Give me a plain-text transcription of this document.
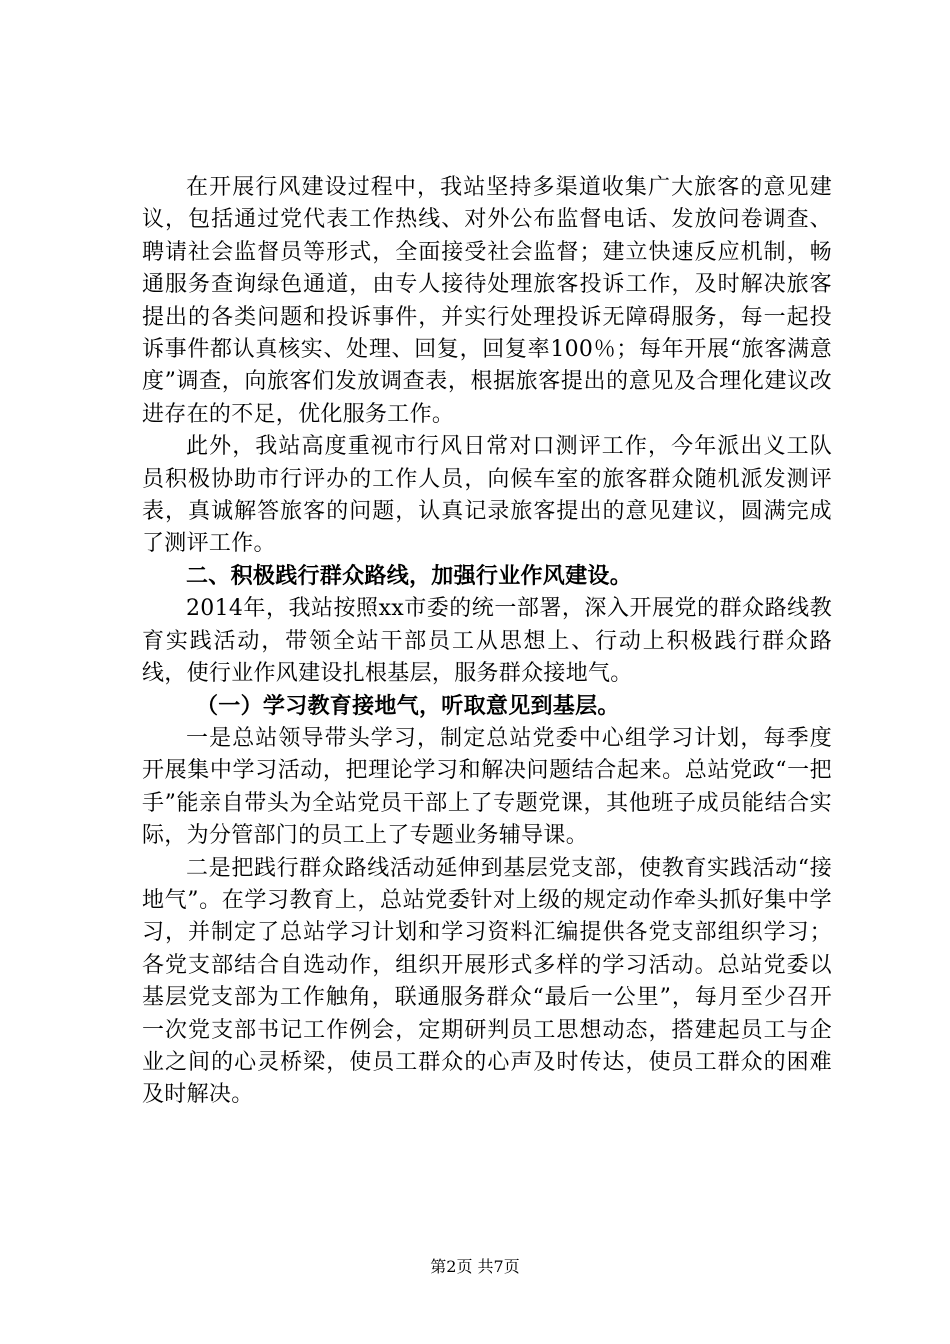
在开展行风建设过程中，我站坚持多渠道收集广大旅客的意见建议，包括通过党代表工作热线、对外公布监督电话、发放问卷调查、聘请社会监督员等形式，全面接受社会监督；建立快速反应机制，畅通服务查询绿色通道，由专人接待处理旅客投诉工作，及时解决旅客提出的各类问题和投诉事件，并实行处理投诉无障碍服务，每一起投诉事件都认真核实、处理、回复，回复率100％；每年开展“旅客满意度”调查，向旅客们发放调查表，根据旅客提出的意见及合理化建议改进存在的不足，优化服务工作。

此外，我站高度重视市行风日常对口测评工作，今年派出义工队员积极协助市行评办的工作人员，向候车室的旅客群众随机派发测评表，真诚解答旅客的问题，认真记录旅客提出的意见建议，圆满完成了测评工作。

二、积极践行群众路线，加强行业作风建设。

2014年，我站按照xx市委的统一部署，深入开展党的群众路线教育实践活动，带领全站干部员工从思想上、行动上积极践行群众路线，使行业作风建设扎根基层，服务群众接地气。

（一）学习教育接地气，听取意见到基层。

一是总站领导带头学习，制定总站党委中心组学习计划，每季度开展集中学习活动，把理论学习和解决问题结合起来。总站党政“一把手”能亲自带头为全站党员干部上了专题党课，其他班子成员能结合实际，为分管部门的员工上了专题业务辅导课。

二是把践行群众路线活动延伸到基层党支部，使教育实践活动“接地气”。在学习教育上，总站党委针对上级的规定动作牵头抓好集中学习，并制定了总站学习计划和学习资料汇编提供各党支部组织学习；各党支部结合自选动作，组织开展形式多样的学习活动。总站党委以基层党支部为工作触角，联通服务群众“最后一公里”，每月至少召开一次党支部书记工作例会，定期研判员工思想动态，搭建起员工与企业之间的心灵桥梁，使员工群众的心声及时传达，使员工群众的困难及时解决。

第2页 共7页
